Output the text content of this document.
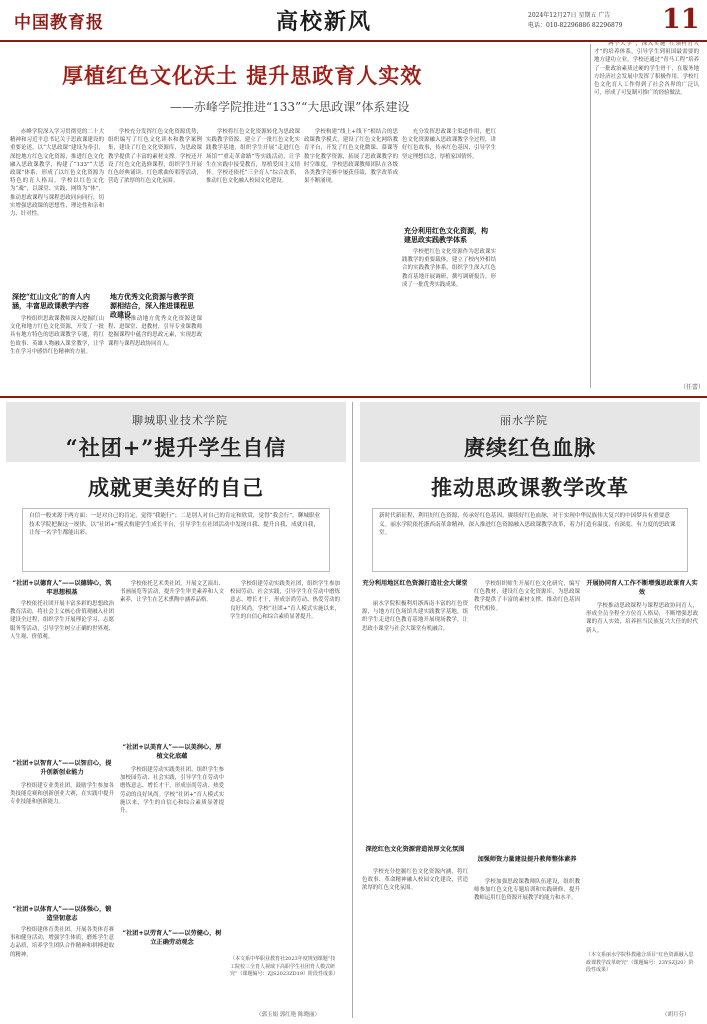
中国教育报	高校新风	2024年12月27日 星期五 广告
电话：010-82296886 82296879 11
厚植红色文化沃土 提升思政育人实效
——赤峰学院推进“133”“大思政课”体系建设

赤峰学院深入学习贯彻党的二十大精神和习近平总书记关于思政课建设的重要论述，以“大思政课”建设为牵引，深挖地方红色文化资源，推进红色文化融入思政课教学，构建了“133”“大思政课”体系，形成了以红色文化资源为特色的育人格局。学校以红色文化为“魂”，以课堂、实践、网络为“体”，推动思政课程与课程思政同向同行，切实增强思政课的思想性、理论性和亲和力、针对性。

深挖“红山文化”的育人内涵，丰富思政课教学内容

学校组织思政课教师深入挖掘红山文化和地方红色文化资源，开发了一批具有地方特色的思政课教学专题，将红色故事、英雄人物融入课堂教学，让学生在学习中感悟红色精神的力量。

学校充分发挥红色文化资源优势，组织编写了红色文化读本和教学案例集，建设了红色文化资源库，为思政课教学提供了丰富的素材支撑。学校还开设了红色文化选修课程，组织学生开展红色经典诵读、红色歌曲传唱等活动，营造了浓厚的红色文化氛围。

地方优秀文化资源与教学资源相结合，深入推进课程思政建设

学校推动地方优秀文化资源进课程、进课堂、进教材，引导专业课教师挖掘课程中蕴含的思政元素，实现思政课程与课程思政协同育人。

学校将红色文化资源转化为思政课实践教学资源，建立了一批红色文化实践教学基地，组织学生开展“走进红色场馆”“重走革命路”等实践活动，让学生在实践中接受教育，厚植爱国主义情怀。学校还依托“三全育人”综合改革，推动红色文化融入校园文化建设。

学校构建“线上+线下”相结合的思政课教学模式，建设了红色文化网络教育平台，开发了红色文化微课、慕课等数字化教学资源，拓展了思政课教学的时空维度。学校思政课教师团队在各级各类教学竞赛中屡获佳绩，教学改革成果不断涌现。

充分发挥思政课主渠道作用，把红色文化资源融入思政课教学全过程，讲好红色故事，传承红色基因，引导学生坚定理想信念，厚植家国情怀。

充分利用红色文化资源，构建思政实践教学体系

学校把红色文化资源作为思政课实践教学的重要载体，建立了校内外相结合的实践教学体系，组织学生深入红色教育基地开展调研，撰写调研报告，形成了一批优秀实践成果。

“两个大学”，深入实施“红领村官人才”的培养体系，引导学生到祖国最需要的地方建功立业。学校还通过“青马工程”培养了一批政治素质过硬的学生骨干，在服务地方经济社会发展中发挥了积极作用。学校红色文化育人工作得到了社会各界的广泛认可，形成了可复制可推广的经验做法。

（任蕾）
聊城职业技术学院
“社团+”提升学生自信
成就更美好的自己
自信一般来源于两方面：一是对自己的肯定，觉得“我能行”；二是别人对自己的肯定和欣赏，觉得“我会行”。聊城职业技术学院把握这一规律，以“社团+”模式构建学生成长平台，引导学生在社团活动中发现自我、提升自我、成就自我，让每一名学生都能出彩。
“社团+以德育人”——以德铸心，筑牢思想根基

学校依托社团开展丰富多彩的思想政治教育活动，将社会主义核心价值观融入社团建设全过程，组织学生开展理论学习、志愿服务等活动，引导学生树立正确的世界观、人生观、价值观。

“社团+以智育人”——以智启心，提升创新创业能力

学校组建专业类社团，鼓励学生参加各类技能竞赛和创新创业大赛，在实践中提升专业技能和创新能力。

“社团+以体育人”——以体强心，锻造坚韧意志

学校组建体育类社团，开展各类体育赛事和健身活动，增强学生体质，磨炼学生意志品质，培养学生团队合作精神和拼搏进取的精神。

学校依托艺术类社团，开展文艺演出、书画展览等活动，提升学生审美素养和人文素养，让学生在艺术熏陶中涵养品格。

“社团+以美育人”——以美润心，厚植文化底蕴

学校组建劳动实践类社团，组织学生参加校园劳动、社会实践，引导学生在劳动中磨炼意志、增长才干，形成崇尚劳动、热爱劳动的良好风尚。学校“社团+”育人模式实施以来，学生的自信心和综合素质显著提升。

“社团+以劳育人”——以劳健心，树立正确劳动观念

学校组建劳动实践类社团，组织学生参加校园劳动、社会实践，引导学生在劳动中磨炼意志、增长才干，形成崇尚劳动、热爱劳动的良好风尚。学校“社团+”育人模式实施以来，学生的自信心和综合素质显著提升。

（本文系中华职业教育社2023年度规划课题“技工院校三全育人视域下高职学生社团育人模式研究”（课题编号：ZJS2023ZD19）阶段性成果）
（郭玉娟 郭红艳 陈晓丽）
丽水学院
赓续红色血脉
推动思政课教学改革
新时代新征程，利用好红色资源，传承好红色基因，赓续好红色血脉，对于实现中华民族伟大复兴的中国梦具有重要意义。丽水学院依托浙西南革命精神，深入推进红色资源融入思政课教学改革，着力打造有温度、有深度、有力度的思政课堂。
充分利用地区红色资源打造社会大课堂

丽水学院积极利用浙西南丰富的红色资源，与地方红色场馆共建实践教学基地，组织学生走进红色教育基地开展现场教学，让思政小课堂与社会大课堂有机融合。

深挖红色文化资源营造浓厚文化氛围

学校充分挖掘红色文化资源内涵，将红色故事、革命精神融入校园文化建设，营造浓厚的红色文化氛围。

学校组织师生开展红色文化研究，编写红色教材，建设红色文化资源库，为思政课教学提供了丰富的素材支撑，推动红色基因代代相传。

加强师资力量建设提升教师整体素养

学校加强思政课教师队伍建设，组织教师参加红色文化专题培训和实践研修，提升教师运用红色资源开展教学的能力和水平。

开展协同育人工作不断增强思政课育人实效

学校推动思政课程与课程思政协同育人，形成全员全程全方位育人格局，不断增强思政课的育人实效，培养担当民族复兴大任的时代新人。

（本文系丽水学院科教融合项目“红色资源融入思政课教学改革研究”（课题编号：23YSZJ20）阶段性成果）
（胡月芬）
